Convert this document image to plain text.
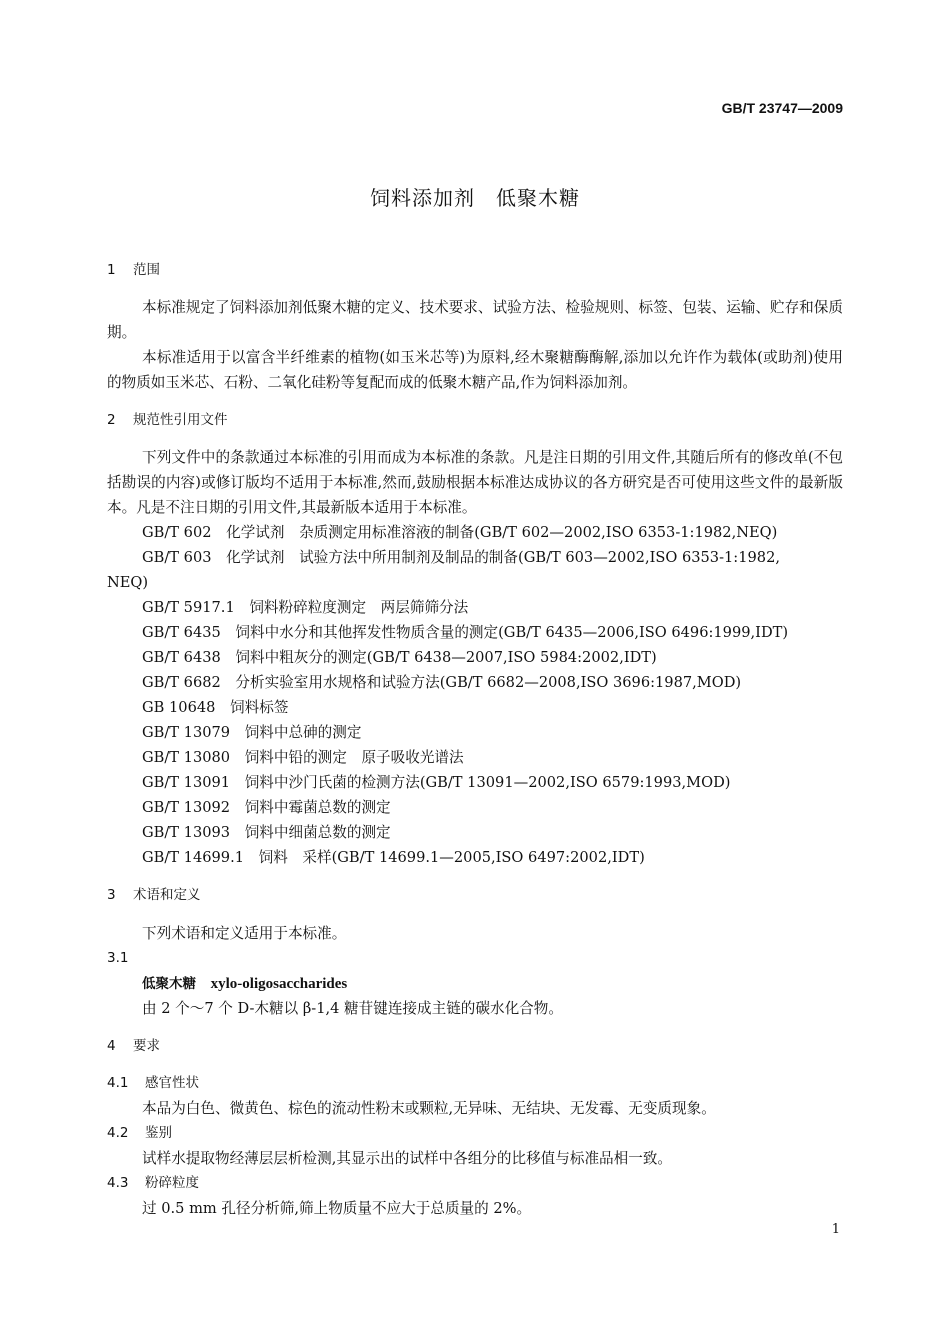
GB/T 23747—2009
饲料添加剂　低聚木糖
1 范围
本标准规定了饲料添加剂低聚木糖的定义、技术要求、试验方法、检验规则、标签、包装、运输、贮存和保质期。
本标准适用于以富含半纤维素的植物(如玉米芯等)为原料,经木聚糖酶酶解,添加以允许作为载体(或助剂)使用的物质如玉米芯、石粉、二氧化硅粉等复配而成的低聚木糖产品,作为饲料添加剂。
2 规范性引用文件
下列文件中的条款通过本标准的引用而成为本标准的条款。凡是注日期的引用文件,其随后所有的修改单(不包括勘误的内容)或修订版均不适用于本标准,然而,鼓励根据本标准达成协议的各方研究是否可使用这些文件的最新版本。凡是不注日期的引用文件,其最新版本适用于本标准。
GB/T 602　化学试剂　杂质测定用标准溶液的制备(GB/T 602—2002,ISO 6353-1:1982,NEQ)
GB/T 603　化学试剂　试验方法中所用制剂及制品的制备(GB/T 603—2002,ISO 6353-1:1982,
NEQ)
GB/T 5917.1　饲料粉碎粒度测定　两层筛筛分法
GB/T 6435　饲料中水分和其他挥发性物质含量的测定(GB/T 6435—2006,ISO 6496:1999,IDT)
GB/T 6438　饲料中粗灰分的测定(GB/T 6438—2007,ISO 5984:2002,IDT)
GB/T 6682　分析实验室用水规格和试验方法(GB/T 6682—2008,ISO 3696:1987,MOD)
GB 10648　饲料标签
GB/T 13079　饲料中总砷的测定
GB/T 13080　饲料中铅的测定　原子吸收光谱法
GB/T 13091　饲料中沙门氏菌的检测方法(GB/T 13091—2002,ISO 6579:1993,MOD)
GB/T 13092　饲料中霉菌总数的测定
GB/T 13093　饲料中细菌总数的测定
GB/T 14699.1　饲料　采样(GB/T 14699.1—2005,ISO 6497:2002,IDT)
3 术语和定义
下列术语和定义适用于本标准。
3.1
低聚木糖　 xylo-oligosaccharides
由 2 个～7 个 D-木糖以 β-1,4 糖苷键连接成主链的碳水化合物。
4 要求
4.1 感官性状
本品为白色、微黄色、棕色的流动性粉末或颗粒,无异味、无结块、无发霉、无变质现象。
4.2 鉴别
试样水提取物经薄层层析检测,其显示出的试样中各组分的比移值与标准品相一致。
4.3 粉碎粒度
过 0.5 mm 孔径分析筛,筛上物质量不应大于总质量的 2%。
1
